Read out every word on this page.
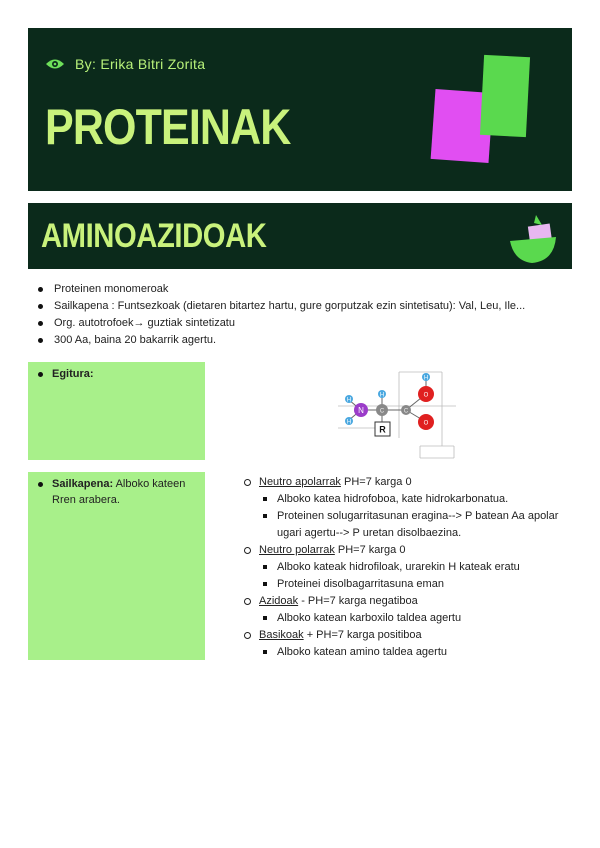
By: Erika Bitri Zorita
PROTEINAK
AMINOAZIDOAK
Proteinen monomeroak
Sailkapena : Funtsezkoak (dietaren bitartez hartu, gure gorputzak ezin sintetisatu): Val, Leu, Ile...
Org. autotrofoek→ guztiak sintetizatu
300 Aa, baina 20 bakarrik agertu.
Egitura:
H
H
N
H
C
R
C
O
O
H
Sailkapena: Alboko kateen Rren arabera.
Neutro apolarrak PH=7 karga 0
Alboko katea hidrofoboa, kate hidrokarbonatua.
Proteinen solugarritasunan eragina--> P batean Aa apolar ugari agertu--> P uretan disolbaezina.
Neutro polarrak PH=7 karga 0
Alboko kateak hidrofiloak, urarekin H kateak eratu
Proteinei disolbagarritasuna eman
Azidoak - PH=7 karga negatiboa
Alboko katean karboxilo taldea agertu
Basikoak + PH=7 karga positiboa
Alboko katean amino taldea agertu
